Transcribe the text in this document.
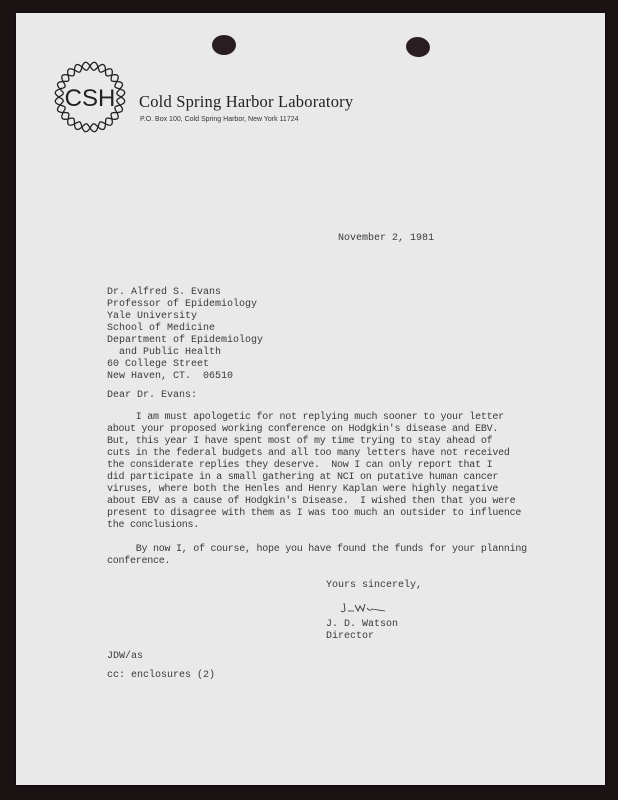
CSH Cold Spring Harbor Laboratory
P.O. Box 100, Cold Spring Harbor, New York 11724
November 2, 1981
Dr. Alfred S. Evans
Professor of Epidemiology
Yale University
School of Medicine
Department of Epidemiology
and Public Health
60 College Street
New Haven, CT.  06510
Dear Dr. Evans:
I am must apologetic for not replying much sooner to your letter
about your proposed working conference on Hodgkin's disease and EBV.
But, this year I have spent most of my time trying to stay ahead of
cuts in the federal budgets and all too many letters have not received
the considerate replies they deserve.  Now I can only report that I
did participate in a small gathering at NCI on putative human cancer
viruses, where both the Henles and Henry Kaplan were highly negative
about EBV as a cause of Hodgkin's Disease.  I wished then that you were
present to disagree with them as I was too much an outsider to influence
the conclusions.
By now I, of course, hope you have found the funds for your planning
conference.
Yours sincerely,
J. D. Watson
Director
JDW/as
cc: enclosures (2)
